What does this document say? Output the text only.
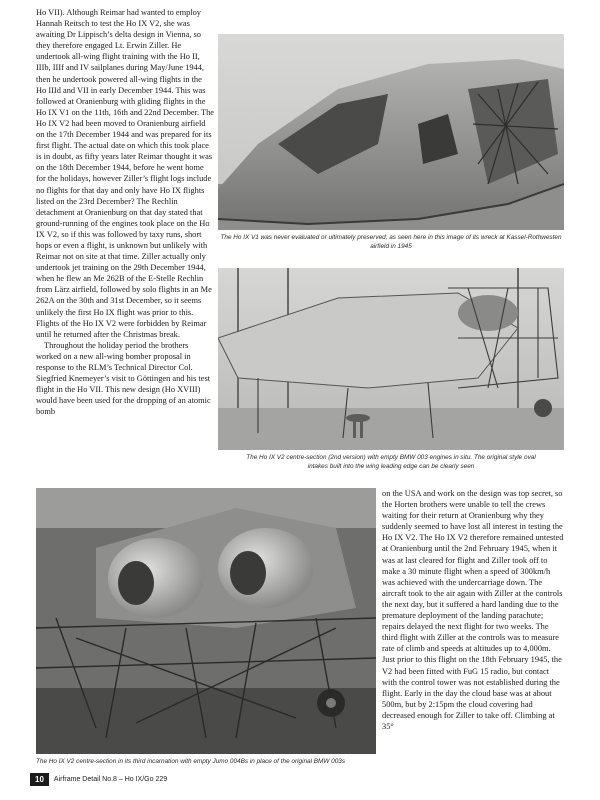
Ho VII). Although Reimar had wanted to employ Hannah Reitsch to test the Ho IX V2, she was awaiting Dr Lippisch’s delta design in Vienna, so they therefore engaged Lt. Erwin Ziller. He undertook all-wing flight training with the Ho II, IIIb, IIIf and IV sailplanes during May/June 1944, then he undertook powered all-wing flights in the Ho IIId and VII in early December 1944. This was followed at Oranienburg with gliding flights in the Ho IX V1 on the 11th, 16th and 22nd December. The Ho IX V2 had been moved to Oranienburg airfield on the 17th December 1944 and was prepared for its first flight. The actual date on which this took place is in doubt, as fifty years later Reimar thought it was on the 18th December 1944, before he went home for the holidays, however Ziller’s flight logs include no flights for that day and only have Ho IX flights listed on the 23rd December? The Rechlin detachment at Oranienburg on that day stated that ground-running of the engines took place on the Ho IX V2, so if this was followed by taxy runs, short hops or even a flight, is unknown but unlikely with Reimar not on site at that time. Ziller actually only undertook jet training on the 29th December 1944, when he flew an Me 262B of the E-Stelle Rechlin from Lärz airfield, followed by solo flights in an Me 262A on the 30th and 31st December, so it seems unlikely the first Ho IX flight was prior to this. Flights of the Ho IX V2 were forbidden by Reimar until he returned after the Christmas break.

Throughout the holiday period the brothers worked on a new all-wing bomber proposal in response to the RLM’s Technical Director Col. Siegfried Knemeyer’s visit to Göttingen and his test flight in the Ho VII. This new design (Ho XVIII) would have been used for the dropping of an atomic bomb

The Ho IX V1 was never evaluated or ultimately preserved, as seen here in this image of its wreck at Kassel-Rothwesten airfield in 1945
The Ho IX V2 centre-section (2nd version) with empty BMW 003 engines in situ. The original style oval intakes built into the wing leading edge can be clearly seen
The Ho IX V2 centre-section in its third incarnation with empty Jumo 004Bs in place of the original BMW 003s

on the USA and work on the design was top secret, so the Horten brothers were unable to tell the crews waiting for their return at Oranienburg why they suddenly seemed to have lost all interest in testing the Ho IX V2. The Ho IX V2 therefore remained untested at Oranienburg until the 2nd February 1945, when it was at last cleared for flight and Ziller took off to make a 30 minute flight when a speed of 300km/h was achieved with the undercarriage down. The aircraft took to the air again with Ziller at the controls the next day, but it suffered a hard landing due to the premature deployment of the landing parachute; repairs delayed the next flight for two weeks. The third flight with Ziller at the controls was to measure rate of climb and speeds at altitudes up to 4,000m. Just prior to this flight on the 18th February 1945, the V2 had been fitted with FuG 15 radio, but contact with the control tower was not established during the flight. Early in the day the cloud base was at about 500m, but by 2:15pm the cloud covering had decreased enough for Ziller to take off. Climbing at 35°

10	Airframe Detail No.8 – Ho IX/Go 229
